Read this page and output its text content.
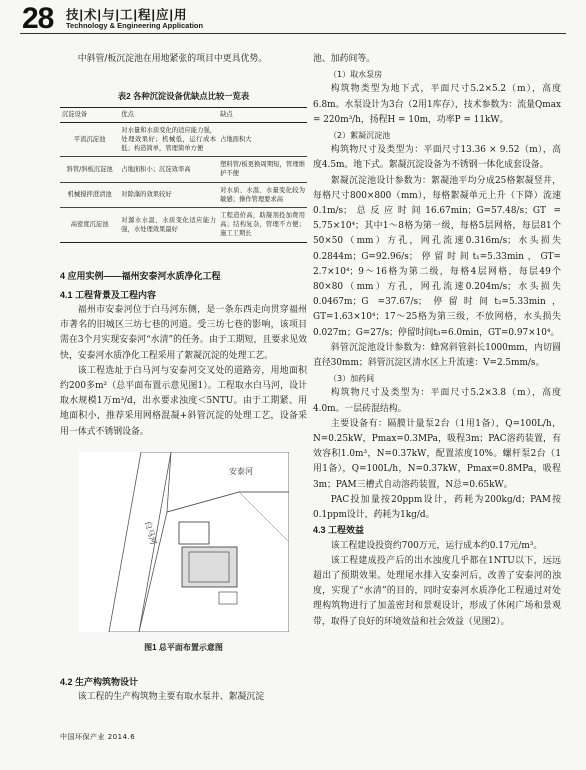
28 技|术|与|工|程|应|用
Technology & Engineering Application

中斜管/板沉淀池在用地紧张的项目中更具优势。

表2 各种沉淀设备优缺点比较一览表
沉淀设备	优点	缺点
平流沉淀池	对水量和水质变化的适应能力强，处理效果好；机械低，运行成本低；构造简单，管理简单方便	占地面积大
斜管/斜板沉淀池	占地面积小；沉淀效率高	塑料管/板更换周期短，管理维护不便
机械搅拌澄清池	对除藻的效果较好	对水质、水温、水量变化较为敏感；操作管理要求高
高密度沉淀池	对源水水温、水质变化适应能力强，水处理效果最好	工程造价高，助凝剂投加费用高；结构复杂，管理不方便；施工工期长
4 应用实例——福州安泰河水质净化工程
4.1 工程背景及工程内容

福州市安泰河位于白马河东侧，是一条东西走向贯穿福州市著名的旧城区三坊七巷的河道。受三坊七巷的影响，该项目需在3个月实现安泰河“水清”的任务。由于工期短，且要求见效快，安泰河水质净化工程采用了絮凝沉淀的处理工艺。

该工程选址于白马河与安泰河交叉处的道路旁，用地面积约200多m²（总平面布置示意见图1）。工程取水白马河，设计取水规模1万m³/d，出水要求浊度＜5NTU。由于工期紧、用地面积小，推荐采用网格混凝+斜管沉淀的处理工艺，设备采用一体式不锈钢设备。

安泰河
白马河
图1 总平面布置示意图
4.2 生产构筑物设计

该工程的生产构筑物主要有取水泵井、絮凝沉淀

池、加药间等。

（1）取水泵房

构筑物类型为地下式，平面尺寸5.2×5.2（m），高度6.8m。水泵设计为3台（2用1库存），技术参数为：流量Qmax = 220m³/h，扬程H = 10m，功率P = 11kW。

（2）絮凝沉淀池

构筑物尺寸及类型为：平面尺寸13.36 × 9.52（m），高度4.5m。地下式。絮凝沉淀设备为不锈钢一体化成套设备。

絮凝沉淀池设计参数为：絮凝池平均分成25格絮凝竖井，每格尺寸800×800（mm），每格絮凝单元上升（下降）流速0.1m/s；总反应时间16.67min；G=57.48/s；GT = 5.75×10⁴；其中1～8格为第一级，每格5层网格，每层81个50×50（mm）方孔，网孔流速0.316m/s；水头损失0.2844m；G=92.96/s；停留时间t₁=5.33min，GT= 2.7×10⁴；9～16格为第二级，每格4层网格，每层49个80×80（mm）方孔，网孔流速0.204m/s；水头损失0.0467m；G =37.67/s；停留时间t₂=5.33min，GT=1.63×10⁴；17～25格为第三级，不放网格，水头损失0.027m；G=27/s；停留时间t₃=6.0min，GT=0.97×10⁴。

斜管沉淀池设计参数为：蜂窝斜管斜长1000mm，内切圆直径30mm；斜管沉淀区清水区上升流速：V=2.5mm/s。

（3）加药间

构筑物尺寸及类型为：平面尺寸5.2×3.8（m），高度4.0m。一层砖混结构。

主要设备有：隔膜计量泵2台（1用1备），Q=100L/h，N=0.25kW，Pmax=0.3MPa，吸程3m；PAC溶药装置，有效容积1.0m³，N=0.37kW，配置浓度10%。螺杆泵2台（1用1备），Q=100L/h，N=0.37kW，Pmax=0.8MPa，吸程3m；PAM三槽式自动溶药装置，N总=0.65kW。

PAC投加量按20ppm设计，药耗为200kg/d；PAM按0.1ppm设计，药耗为1kg/d。

4.3 工程效益

该工程建设投资约700万元，运行成本约0.17元/m³。

该工程建成投产后的出水浊度几乎都在1NTU以下，远远超出了预期效果。处理尾水排入安泰河后，改善了安泰河的浊度，实现了“水清”的目的，同时安泰河水质净化工程通过对处理构筑物进行了加盖密封和景观设计，形成了休闲广场和景观带，取得了良好的环境效益和社会效益（见图2）。

中国环保产业 2014.6
